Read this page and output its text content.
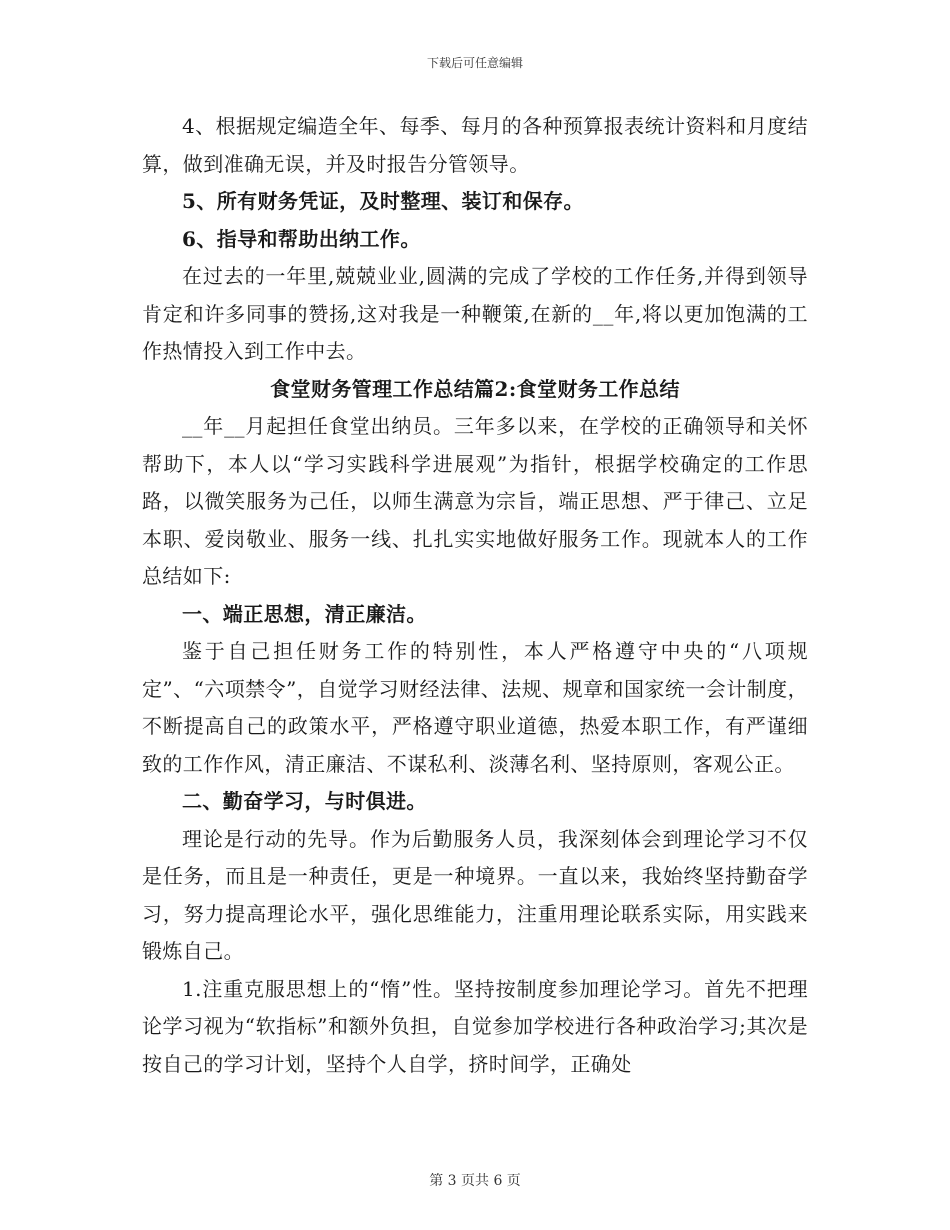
下载后可任意编辑

4、根据规定编造全年、每季、每月的各种预算报表统计资料和月度结算，做到准确无误，并及时报告分管领导。

5、所有财务凭证，及时整理、装订和保存。

6、指导和帮助出纳工作。

在过去的一年里,兢兢业业,圆满的完成了学校的工作任务,并得到领导肯定和许多同事的赞扬,这对我是一种鞭策,在新的__年,将以更加饱满的工作热情投入到工作中去。

食堂财务管理工作总结篇2:食堂财务工作总结

__年__月起担任食堂出纳员。三年多以来，在学校的正确领导和关怀帮助下，本人以“学习实践科学进展观”为指针，根据学校确定的工作思路，以微笑服务为己任，以师生满意为宗旨，端正思想、严于律己、立足本职、爱岗敬业、服务一线、扎扎实实地做好服务工作。现就本人的工作总结如下:

一、端正思想，清正廉洁。

鉴于自己担任财务工作的特别性，本人严格遵守中央的“八项规定”、“六项禁令”，自觉学习财经法律、法规、规章和国家统一会计制度，不断提高自己的政策水平，严格遵守职业道德，热爱本职工作，有严谨细致的工作作风，清正廉洁、不谋私利、淡薄名利、坚持原则，客观公正。

二、勤奋学习，与时俱进。

理论是行动的先导。作为后勤服务人员，我深刻体会到理论学习不仅是任务，而且是一种责任，更是一种境界。一直以来，我始终坚持勤奋学习，努力提高理论水平，强化思维能力，注重用理论联系实际，用实践来锻炼自己。

1.注重克服思想上的“惰”性。坚持按制度参加理论学习。首先不把理论学习视为“软指标”和额外负担，自觉参加学校进行各种政治学习;其次是按自己的学习计划，坚持个人自学，挤时间学，正确处

第 3 页共 6 页
